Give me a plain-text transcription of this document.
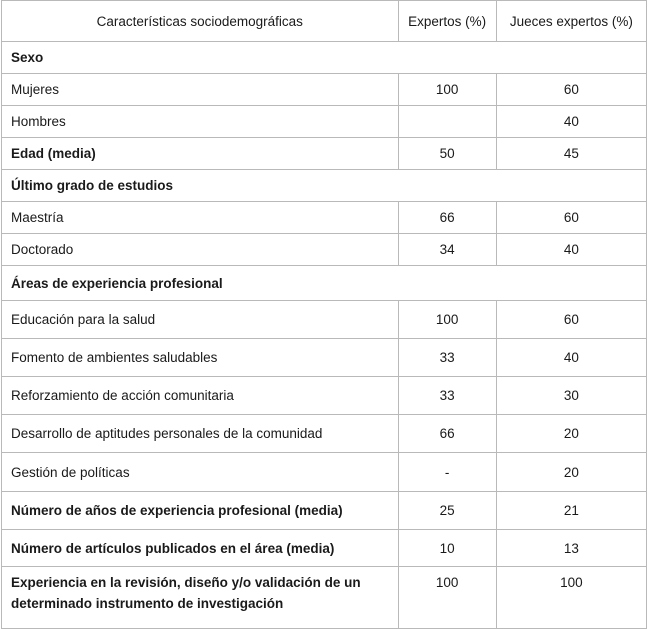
Características sociodemográficas	Expertos (%)	Jueces expertos (%)
Sexo		
Mujeres	100	60
Hombres		40
Edad (media)	50	45
Último grado de estudios		
Maestría	66	60
Doctorado	34	40
Áreas de experiencia profesional		
Educación para la salud	100	60
Fomento de ambientes saludables	33	40
Reforzamiento de acción comunitaria	33	30
Desarrollo de aptitudes personales de la comunidad	66	20
Gestión de políticas	-	20
Número de años de experiencia profesional (media)	25	21
Número de artículos publicados en el área (media)	10	13
Experiencia en la revisión, diseño y/o validación de un determinado instrumento de investigación	100	100
